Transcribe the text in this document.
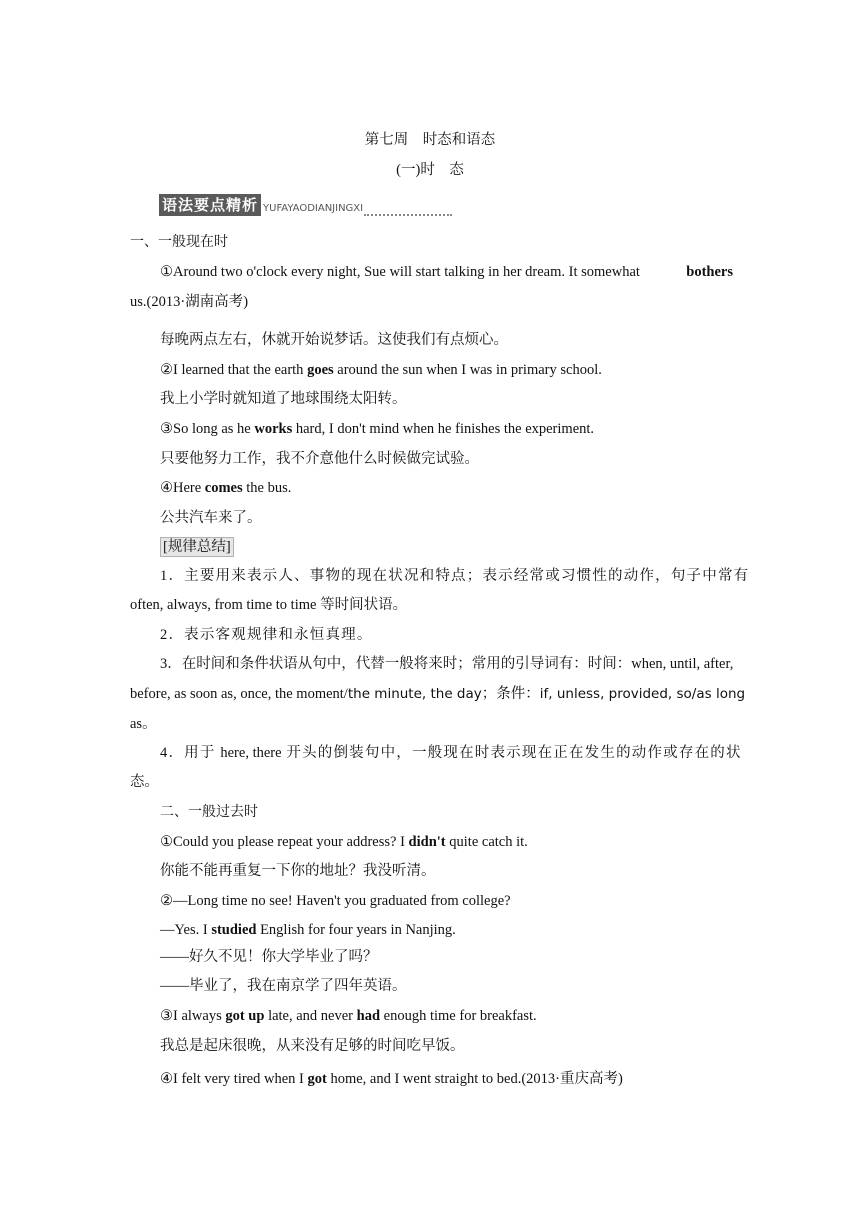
第七周　时态和语态
(一)时　态
语法要点精析 YUFAYAODIANJINGXI
一、一般现在时
①Around two o'clock every night, Sue will start talking in her dream. It somewhat	bothers
us.(2013·湖南高考)
每晚两点左右，休就开始说梦话。这使我们有点烦心。
②I learned that the earth goes around the sun when I was in primary school.
我上小学时就知道了地球围绕太阳转。
③So long as he works hard, I don't mind when he finishes the experiment.
只要他努力工作，我不介意他什么时候做完试验。
④Here comes the bus.
公共汽车来了。
[规律总结]
1．主要用来表示人、事物的现在状况和特点；表示经常或习惯性的动作，句子中常有
often, always, from time to time 等时间状语。
2．表示客观规律和永恒真理。
3．在时间和条件状语从句中，代替一般将来时；常用的引导词有：时间：when, until, after,
before, as soon as, once, the moment/the minute, the day；条件：if, unless, provided, so/as long
as。
4．用于 here, there 开头的倒装句中，一般现在时表示现在正在发生的动作或存在的状
态。
二、一般过去时
①Could you please repeat your address? I didn't quite catch it.
你能不能再重复一下你的地址？我没听清。
②—Long time no see! Haven't you graduated from college?
—Yes. I studied English for four years in Nanjing.
——好久不见！你大学毕业了吗？
——毕业了，我在南京学了四年英语。
③I always got up late, and never had enough time for breakfast.
我总是起床很晚，从来没有足够的时间吃早饭。
④I felt very tired when I got home, and I went straight to bed.(2013·重庆高考)
